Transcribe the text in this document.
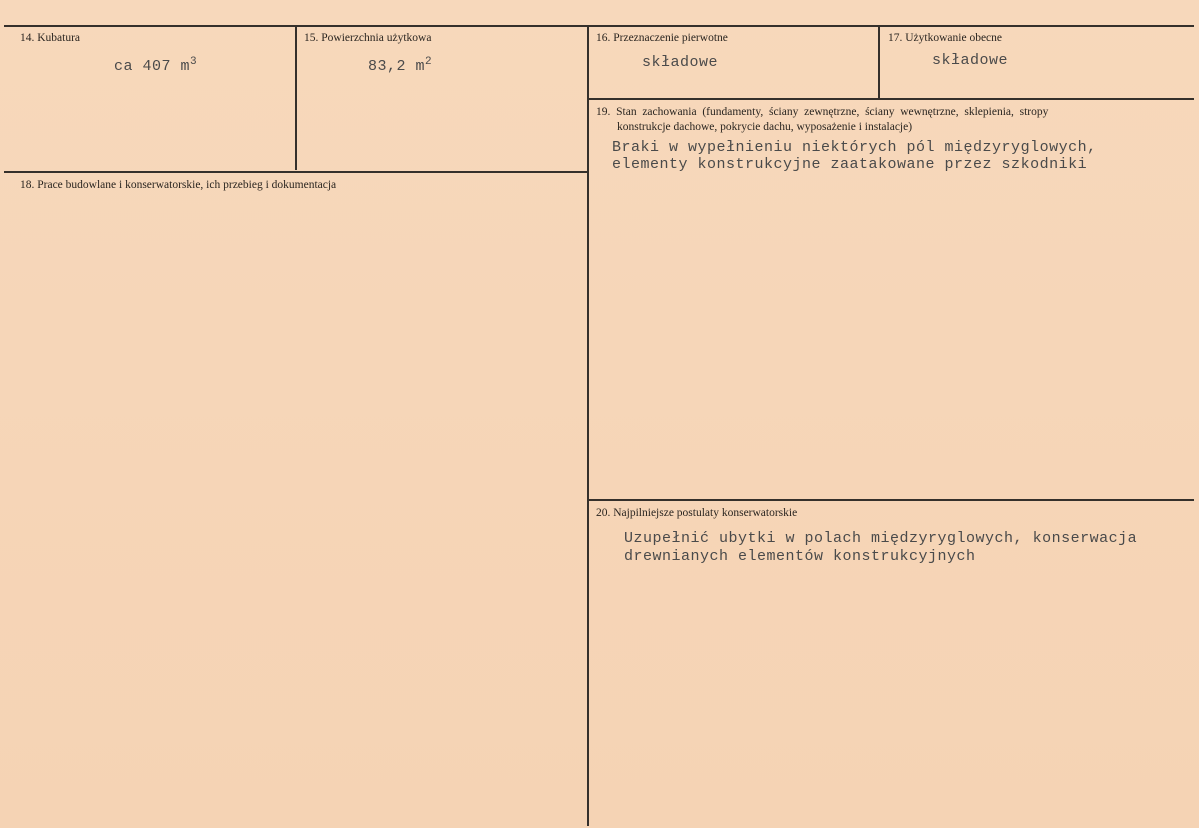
14. Kubatura
ca 407 $m^3$
15. Powierzchnia użytkowa
83,2 $m^2$
16. Przeznaczenie pierwotne
składowe
17. Użytkowanie obecne
składowe
18. Prace budowlane i konserwatorskie, ich przebieg i dokumentacja
19.  Stan  zachowania  (fundamenty,  ściany  zewnętrzne,  ściany  wewnętrzne,  sklepienia,  stropy
konstrukcje dachowe, pokrycie dachu, wyposażenie i instalacje)
Braki w wypełnieniu niektórych pól międzyryglowych,
elementy konstrukcyjne zaatakowane przez szkodniki
20. Najpilniejsze postulaty konserwatorskie
Uzupełnić ubytki w polach międzyryglowych, konserwacja
drewnianych elementów konstrukcyjnych
